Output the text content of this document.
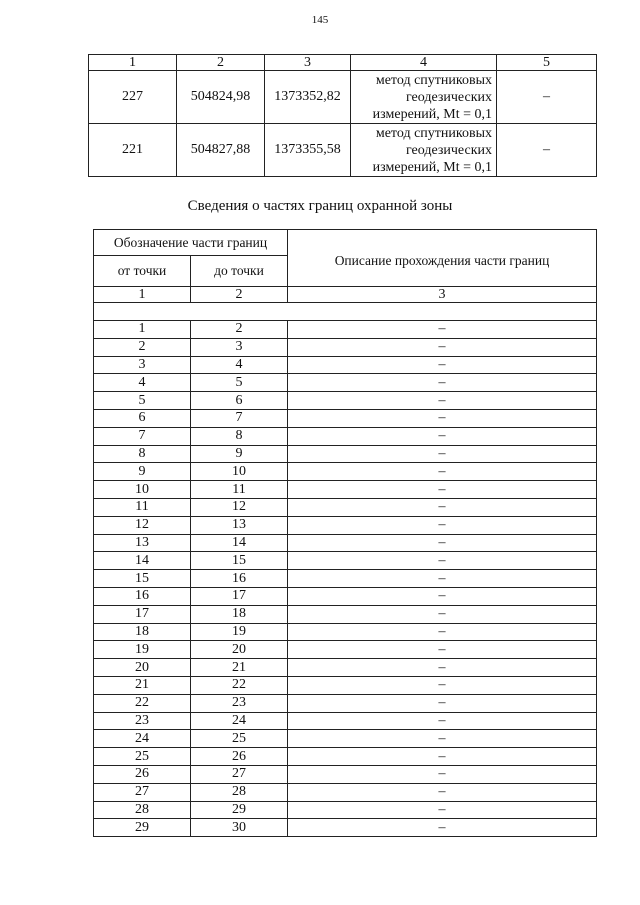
145
1	2	3	4	5
227	504824,98	1373352,82	метод спутниковых
геодезических
измерений, Mt = 0,1	–
221	504827,88	1373355,58	метод спутниковых
геодезических
измерений, Mt = 0,1	–
Сведения о частях границ охранной зоны
Обозначение части границ		Описание прохождения части границ
от точки	до точки	
1	2	3

1	2	–
2	3	–
3	4	–
4	5	–
5	6	–
6	7	–
7	8	–
8	9	–
9	10	–
10	11	–
11	12	–
12	13	–
13	14	–
14	15	–
15	16	–
16	17	–
17	18	–
18	19	–
19	20	–
20	21	–
21	22	–
22	23	–
23	24	–
24	25	–
25	26	–
26	27	–
27	28	–
28	29	–
29	30	–
